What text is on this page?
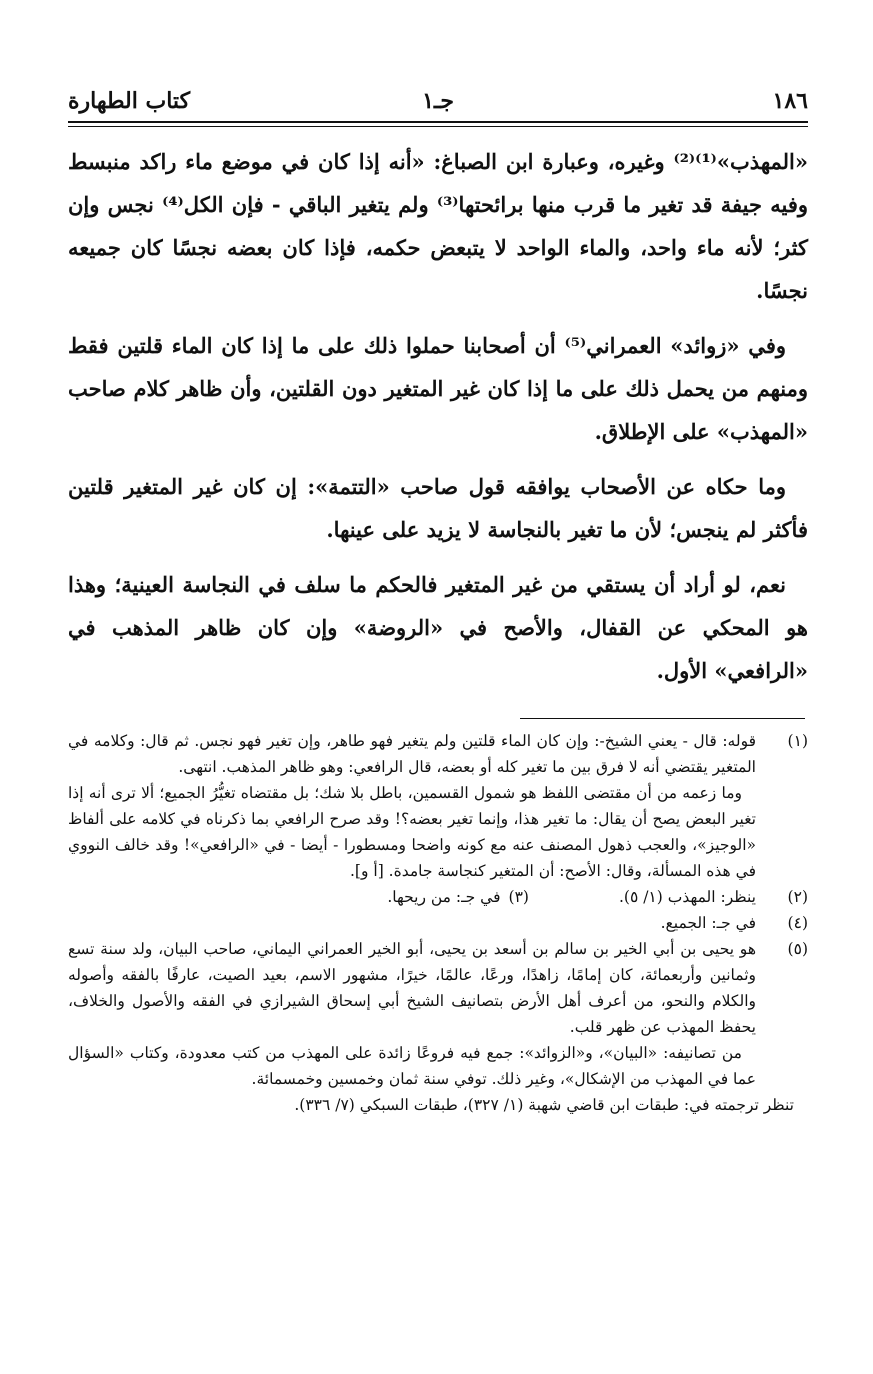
١٨٦
جـ١
كتاب الطهارة

«المهذب»⁽¹⁾⁽²⁾ وغيره، وعبارة ابن الصباغ: «أنه إذا كان في موضع ماء راكد منبسط وفيه جيفة قد تغير ما قرب منها برائحتها⁽³⁾ ولم يتغير الباقي - فإن الكل⁽⁴⁾ نجس وإن كثر؛ لأنه ماء واحد، والماء الواحد لا يتبعض حكمه، فإذا كان بعضه نجسًا كان جميعه نجسًا.

وفي «زوائد» العمراني⁽⁵⁾ أن أصحابنا حملوا ذلك على ما إذا كان الماء قلتين فقط ومنهم من يحمل ذلك على ما إذا كان غير المتغير دون القلتين، وأن ظاهر كلام صاحب «المهذب» على الإطلاق.

وما حكاه عن الأصحاب يوافقه قول صاحب «التتمة»: إن كان غير المتغير قلتين فأكثر لم ينجس؛ لأن ما تغير بالنجاسة لا يزيد على عينها.

نعم، لو أراد أن يستقي من غير المتغير فالحكم ما سلف في النجاسة العينية؛ وهذا هو المحكي عن القفال، والأصح في «الروضة» وإن كان ظاهر المذهب في «الرافعي» الأول.

(١)
قوله: قال - يعني الشيخ-: وإن كان الماء قلتين ولم يتغير فهو طاهر، وإن تغير فهو نجس. ثم قال: وكلامه في المتغير يقتضي أنه لا فرق بين ما تغير كله أو بعضه، قال الرافعي: وهو ظاهر المذهب. انتهى.
وما زعمه من أن مقتضى اللفظ هو شمول القسمين، باطل بلا شك؛ بل مقتضاه تغيُّرُ الجميع؛ ألا ترى أنه إذا تغير البعض يصح أن يقال: ما تغير هذا، وإنما تغير بعضه؟! وقد صرح الرافعي بما ذكرناه في كلامه على ألفاظ «الوجيز»، والعجب ذهول المصنف عنه مع كونه واضحا ومسطورا - أيضا - في «الرافعي»! وقد خالف النووي في هذه المسألة، وقال: الأصح: أن المتغير كنجاسة جامدة. [أ و].
(٢)
ينظر: المهذب (١/ ٥).
(٣)
في جـ: من ريحها.
(٤)
في جـ: الجميع.
(٥)
هو يحيى بن أبي الخير بن سالم بن أسعد بن يحيى، أبو الخير العمراني اليماني، صاحب البيان، ولد سنة تسع وثمانين وأربعمائة، كان إمامًا، زاهدًا، ورعًا، عالمًا، خيرًا، مشهور الاسم، بعيد الصيت، عارفًا بالفقه وأصوله والكلام والنحو، من أعرف أهل الأرض بتصانيف الشيخ أبي إسحاق الشيرازي في الفقه والأصول والخلاف، يحفظ المهذب عن ظهر قلب.
من تصانيفه: «البيان»، و«الزوائد»: جمع فيه فروعًا زائدة على المهذب من كتب معدودة، وكتاب «السؤال عما في المهذب من الإشكال»، وغير ذلك. توفي سنة ثمان وخمسين وخمسمائة.
تنظر ترجمته في: طبقات ابن قاضي شهبة (١/ ٣٢٧)، طبقات السبكي (٧/ ٣٣٦).
